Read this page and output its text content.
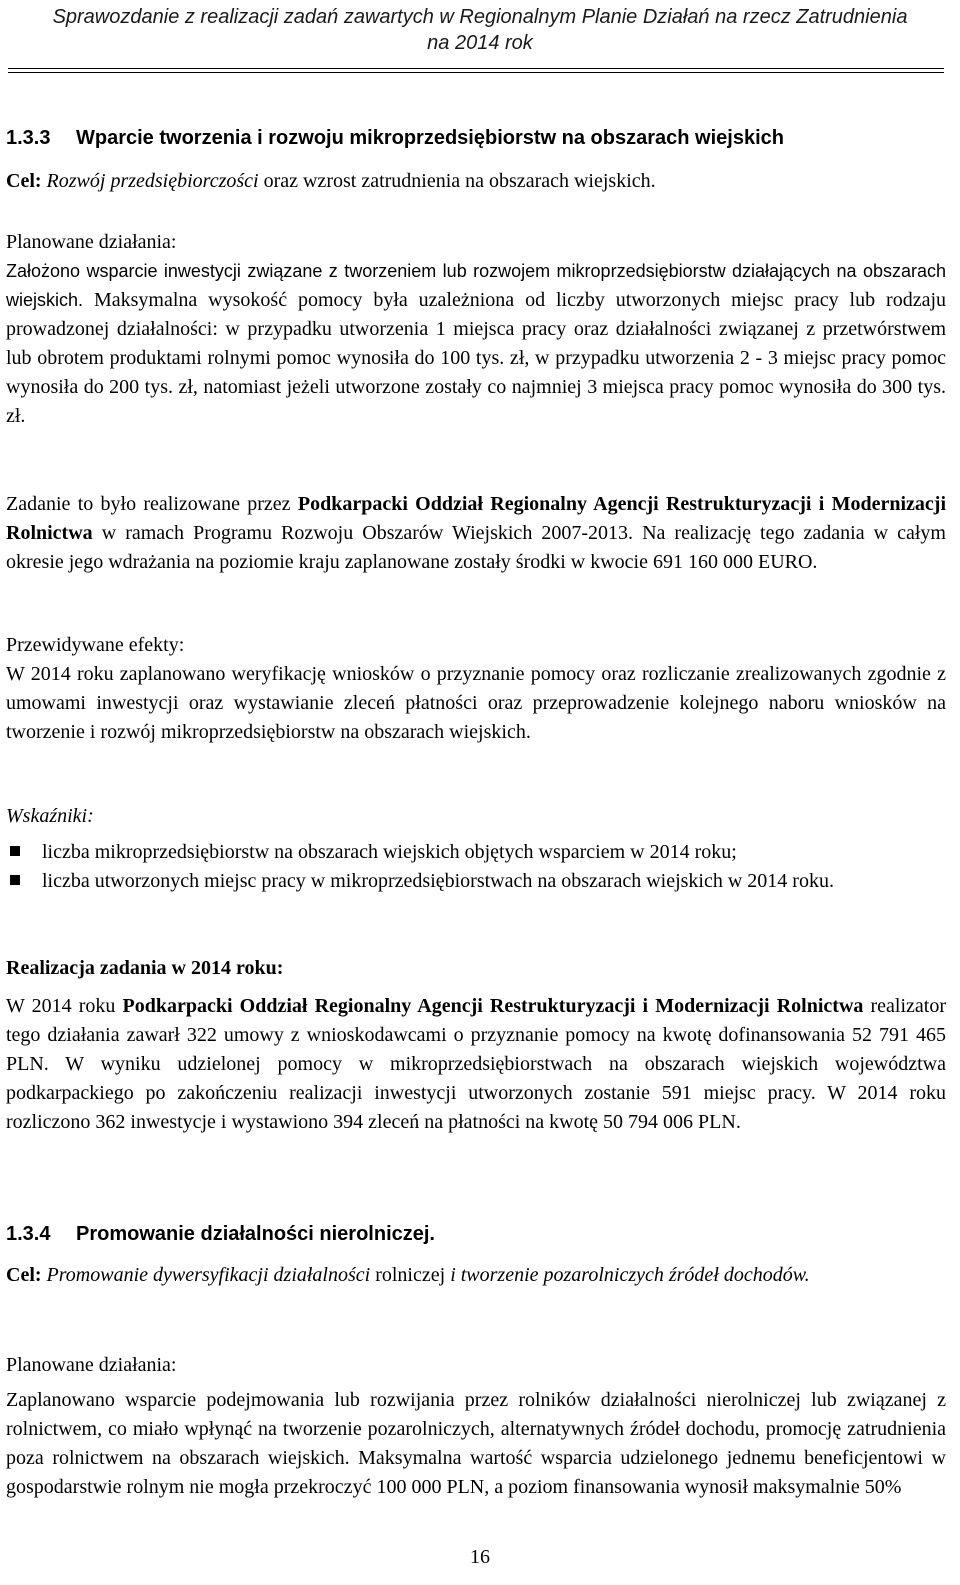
Sprawozdanie z realizacji zadań zawartych w Regionalnym Planie Działań na rzecz Zatrudnienia
na 2014 rok
1.3.3 Wparcie tworzenia i rozwoju mikroprzedsiębiorstw na obszarach wiejskich
Cel: Rozwój przedsiębiorczości oraz wzrost zatrudnienia na obszarach wiejskich.
Planowane działania:
Założono wsparcie inwestycji związane z tworzeniem lub rozwojem mikroprzedsiębiorstw działających na obszarach wiejskich. Maksymalna wysokość pomocy była uzależniona od liczby utworzonych miejsc pracy lub rodzaju prowadzonej działalności: w przypadku utworzenia 1 miejsca pracy oraz działalności związanej z przetwórstwem lub obrotem produktami rolnymi pomoc wynosiła do 100 tys. zł, w przypadku utworzenia 2 - 3 miejsc pracy pomoc wynosiła do 200 tys. zł, natomiast jeżeli utworzone zostały co najmniej 3 miejsca pracy pomoc wynosiła do 300 tys. zł.
Zadanie to było realizowane przez Podkarpacki Oddział Regionalny Agencji Restrukturyzacji i Modernizacji Rolnictwa w ramach Programu Rozwoju Obszarów Wiejskich 2007-2013. Na realizację tego zadania w całym okresie jego wdrażania na poziomie kraju zaplanowane zostały środki w kwocie 691 160 000 EURO.
Przewidywane efekty:
W 2014 roku zaplanowano weryfikację wniosków o przyznanie pomocy oraz rozliczanie zrealizowanych zgodnie z umowami inwestycji oraz wystawianie zleceń płatności oraz przeprowadzenie kolejnego naboru wniosków na tworzenie i rozwój mikroprzedsiębiorstw na obszarach wiejskich.
Wskaźniki:
liczba mikroprzedsiębiorstw na obszarach wiejskich objętych wsparciem w 2014 roku;
liczba utworzonych miejsc pracy w mikroprzedsiębiorstwach na obszarach wiejskich w 2014 roku.
Realizacja zadania w 2014 roku:
W 2014 roku Podkarpacki Oddział Regionalny Agencji Restrukturyzacji i Modernizacji Rolnictwa realizator tego działania zawarł 322 umowy z wnioskodawcami o przyznanie pomocy na kwotę dofinansowania 52 791 465 PLN. W wyniku udzielonej pomocy w mikroprzedsiębiorstwach na obszarach wiejskich województwa podkarpackiego po zakończeniu realizacji inwestycji utworzonych zostanie 591 miejsc pracy. W 2014 roku rozliczono 362 inwestycje i wystawiono 394 zleceń na płatności na kwotę 50 794 006 PLN.
1.3.4 Promowanie działalności nierolniczej.
Cel: Promowanie dywersyfikacji działalności rolniczej i tworzenie pozarolniczych źródeł dochodów.
Planowane działania:
Zaplanowano wsparcie podejmowania lub rozwijania przez rolników działalności nierolniczej lub związanej z rolnictwem, co miało wpłynąć na tworzenie pozarolniczych, alternatywnych źródeł dochodu, promocję zatrudnienia poza rolnictwem na obszarach wiejskich. Maksymalna wartość wsparcia udzielonego jednemu beneficjentowi w gospodarstwie rolnym nie mogła przekroczyć 100 000 PLN, a poziom finansowania wynosił maksymalnie 50%
16
